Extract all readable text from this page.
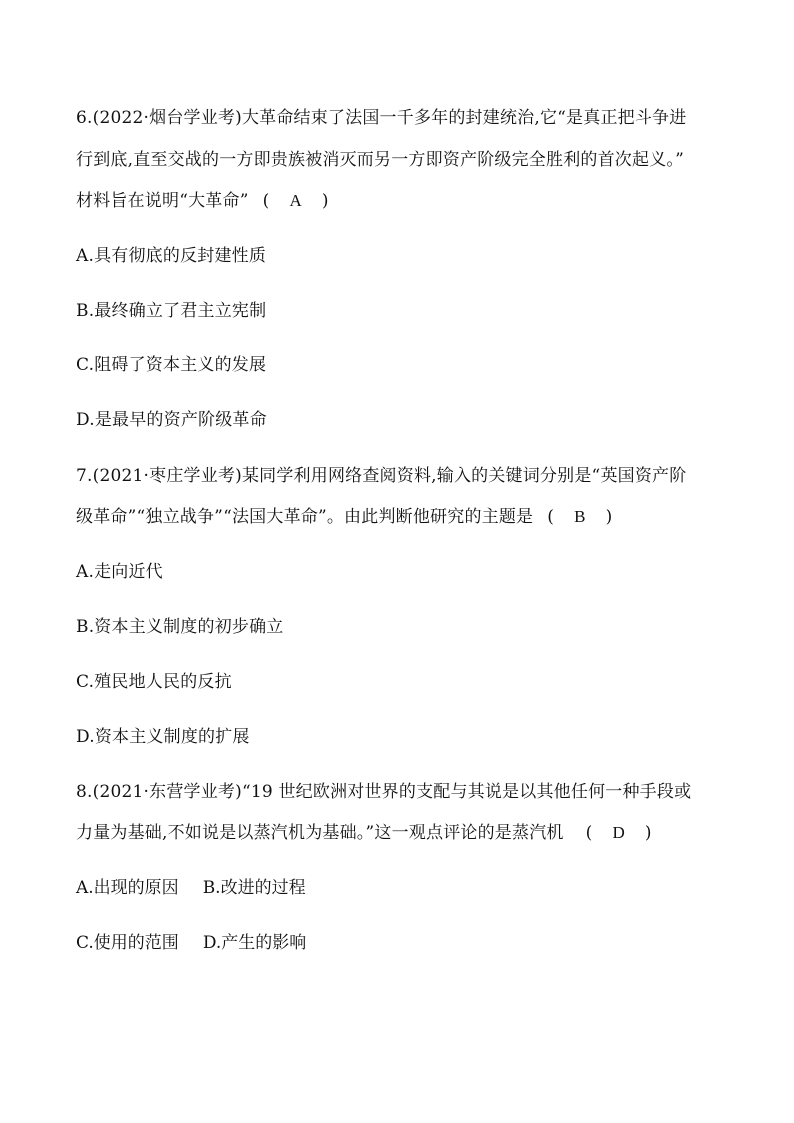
6.(2022·烟台学业考)大革命结束了法国一千多年的封建统治,它“是真正把斗争进
行到底,直至交战的一方即贵族被消灭而另一方即资产阶级完全胜利的首次起义。”
材料旨在说明“大革命” ( A )
A.具有彻底的反封建性质
B.最终确立了君主立宪制
C.阻碍了资本主义的发展
D.是最早的资产阶级革命
7.(2021·枣庄学业考)某同学利用网络查阅资料,输入的关键词分别是“英国资产阶
级革命”“独立战争”“法国大革命”。由此判断他研究的主题是 ( B )
A.走向近代
B.资本主义制度的初步确立
C.殖民地人民的反抗
D.资本主义制度的扩展
8.(2021·东营学业考)“19 世纪欧洲对世界的支配与其说是以其他任何一种手段或
力量为基础,不如说是以蒸汽机为基础。”这一观点评论的是蒸汽机 ( D )
A.出现的原因 B.改进的过程
C.使用的范围 D.产生的影响
